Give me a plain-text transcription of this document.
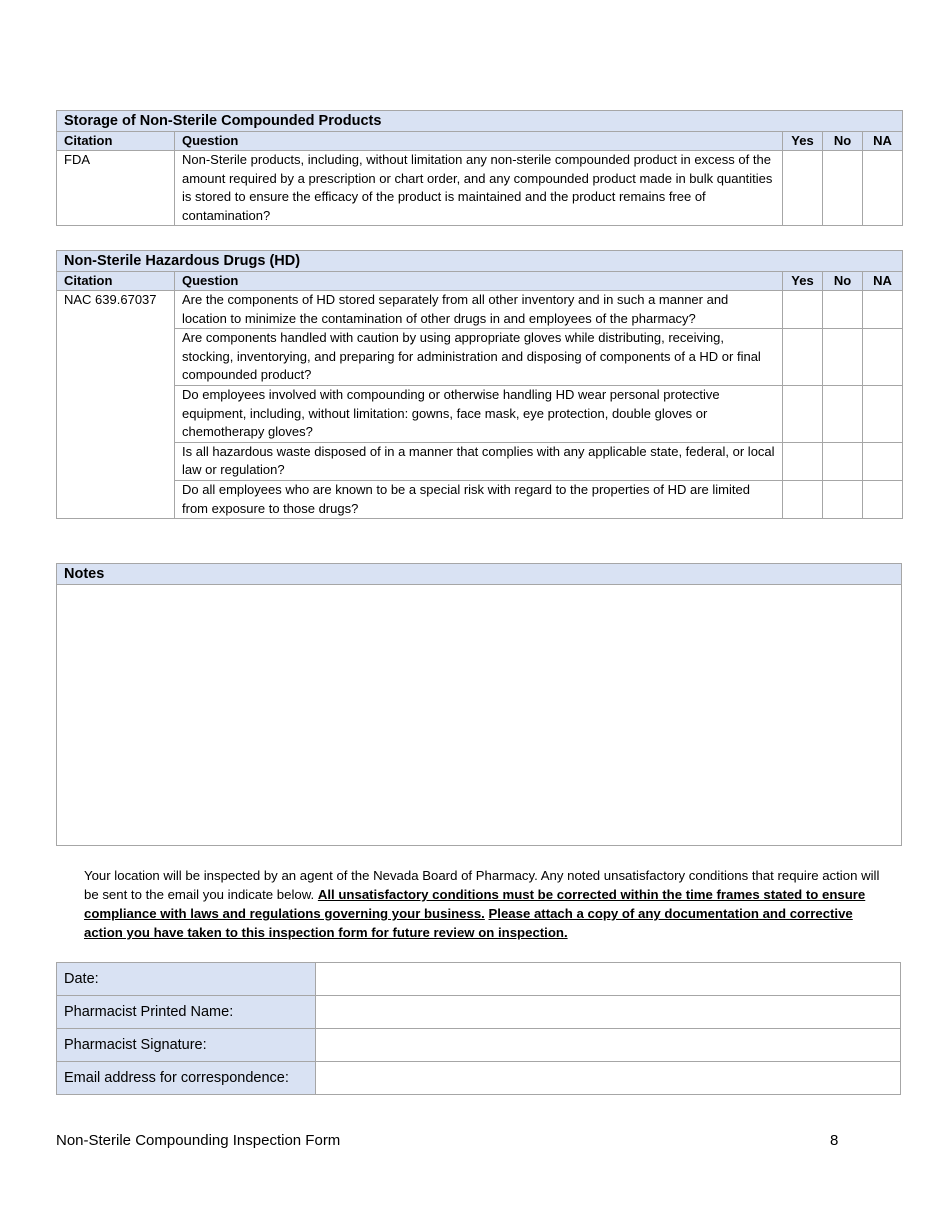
Storage of Non-Sterile Compounded Products				
Citation	Question	Yes	No	NA
FDA	Non-Sterile products, including, without limitation any non-sterile compounded product in excess of the amount required by a prescription or chart order, and any compounded product made in bulk quantities is stored to ensure the efficacy of the product is maintained and the product remains free of contamination?			
Non-Sterile Hazardous Drugs (HD)				
Citation	Question	Yes	No	NA
NAC 639.67037	Are the components of HD stored separately from all other inventory and in such a manner and location to minimize the contamination of other drugs in and employees of the pharmacy?			
	Are components handled with caution by using appropriate gloves while distributing, receiving, stocking, inventorying, and preparing for administration and disposing of components of a HD or final compounded product?			
	Do employees involved with compounding or otherwise handling HD wear personal protective equipment, including, without limitation: gowns, face mask, eye protection, double gloves or chemotherapy gloves?			
	Is all hazardous waste disposed of in a manner that complies with any applicable state, federal, or local law or regulation?			
	Do all employees who are known to be a special risk with regard to the properties of HD are limited from exposure to those drugs?			
Notes

Your location will be inspected by an agent of the Nevada Board of Pharmacy. Any noted unsatisfactory conditions that require action will be sent to the email you indicate below. All unsatisfactory conditions must be corrected within the time frames stated to ensure compliance with laws and regulations governing your business. Please attach a copy of any documentation and corrective action you have taken to this inspection form for future review on inspection.
Date:	
Pharmacist Printed Name:	
Pharmacist Signature:	
Email address for correspondence:	
Non-Sterile Compounding Inspection Form	8
